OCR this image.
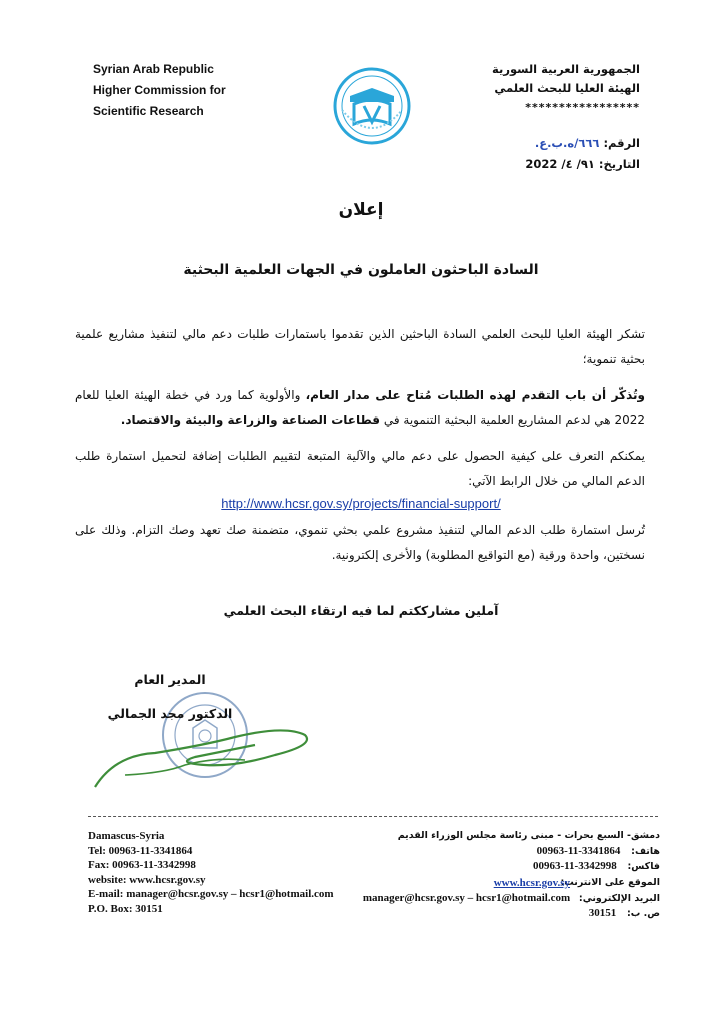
Syrian Arab Republic
Higher Commission for
Scientific Research
الجمهورية العربية السورية
الهيئة العليا للبحث العلمي
*****************
الرقم: ٦٦٦/ه.ب.ع.
التاريخ: ٩١/ ٤/ 2022
إعلان
السادة الباحثون العاملون في الجهات العلمية البحثية
تشكر الهيئة العليا للبحث العلمي السادة الباحثين الذين تقدموا باستمارات طلبات دعم مالي لتنفيذ مشاريع علمية بحثية تنموية؛
وتُذكّر أن باب التقدم لهذه الطلبات مُتاح على مدار العام، والأولوية كما ورد في خطة الهيئة العليا للعام 2022 هي لدعم المشاريع العلمية البحثية التنموية في قطاعات الصناعة والزراعة والبيئة والاقتصاد.
يمكنكم التعرف على كيفية الحصول على دعم مالي والآلية المتبعة لتقييم الطلبات إضافة لتحميل استمارة طلب الدعم المالي من خلال الرابط الآتي:
http://www.hcsr.gov.sy/projects/financial-support/
تُرسل استمارة طلب الدعم المالي لتنفيذ مشروع علمي بحثي تنموي، متضمنة صك تعهد وصك التزام. وذلك على نسختين، واحدة ورقية (مع التواقيع المطلوبة) والأخرى إلكترونية.
آملين مشارككتم لما فيه ارتقاء البحث العلمي
المدير العام
الدكتور مجد الجمالي
Damascus-Syria
Tel: 00963-11-3341864
Fax: 00963-11-3342998
website: www.hcsr.gov.sy
E-mail: manager@hcsr.gov.sy – hcsr1@hotmail.com
P.O. Box: 30151
دمشق- السبع بحرات - مبنى رئاسة مجلس الوزراء القديم
هاتف: 00963-11-3341864
فاكس: 00963-11-3342998
الموقع على الانترنت:
www.hcsr.gov.sy
البريد الإلكتروني: manager@hcsr.gov.sy – hcsr1@hotmail.com
ص. ب: 30151
